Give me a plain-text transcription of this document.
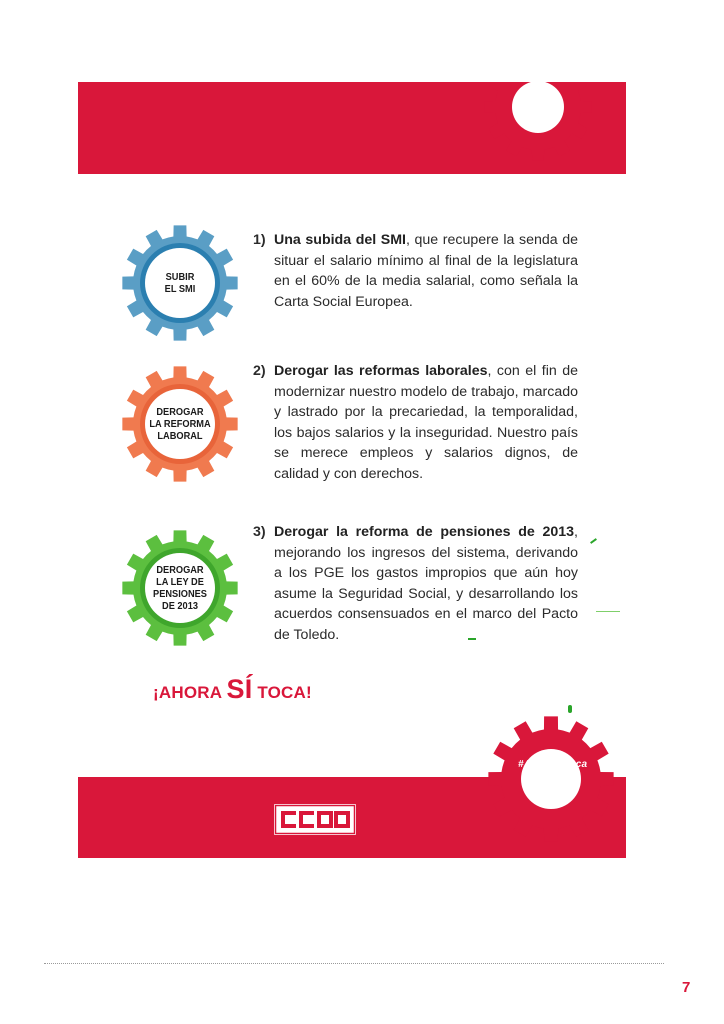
SUBIR
EL SMI
DEROGAR
LA REFORMA
LABORAL
DEROGAR
LA LEY DE
PENSIONES
DE 2013
1) Una subida del SMI, que recupere la senda de situar el salario mínimo al final de la legislatura en el 60% de la media salarial, como señala la Carta Social Europea.
2) Derogar las reformas laborales, con el fin de modernizar nuestro modelo de trabajo, marcado y lastrado por la precariedad, la temporalidad, los bajos salarios y la inseguridad. Nuestro país se merece empleos y salarios dignos, de calidad y con derechos.
3) Derogar la reforma de pensiones de 2013, mejorando los ingresos del sistema, derivando a los PGE los gastos impropios que aún hoy asume la Seguridad Social, y desarrollando los acuerdos consensuados en el marco del Pacto de Toledo.
¡AHORA SÍ TOCA!
#AhoraSíToca
7
